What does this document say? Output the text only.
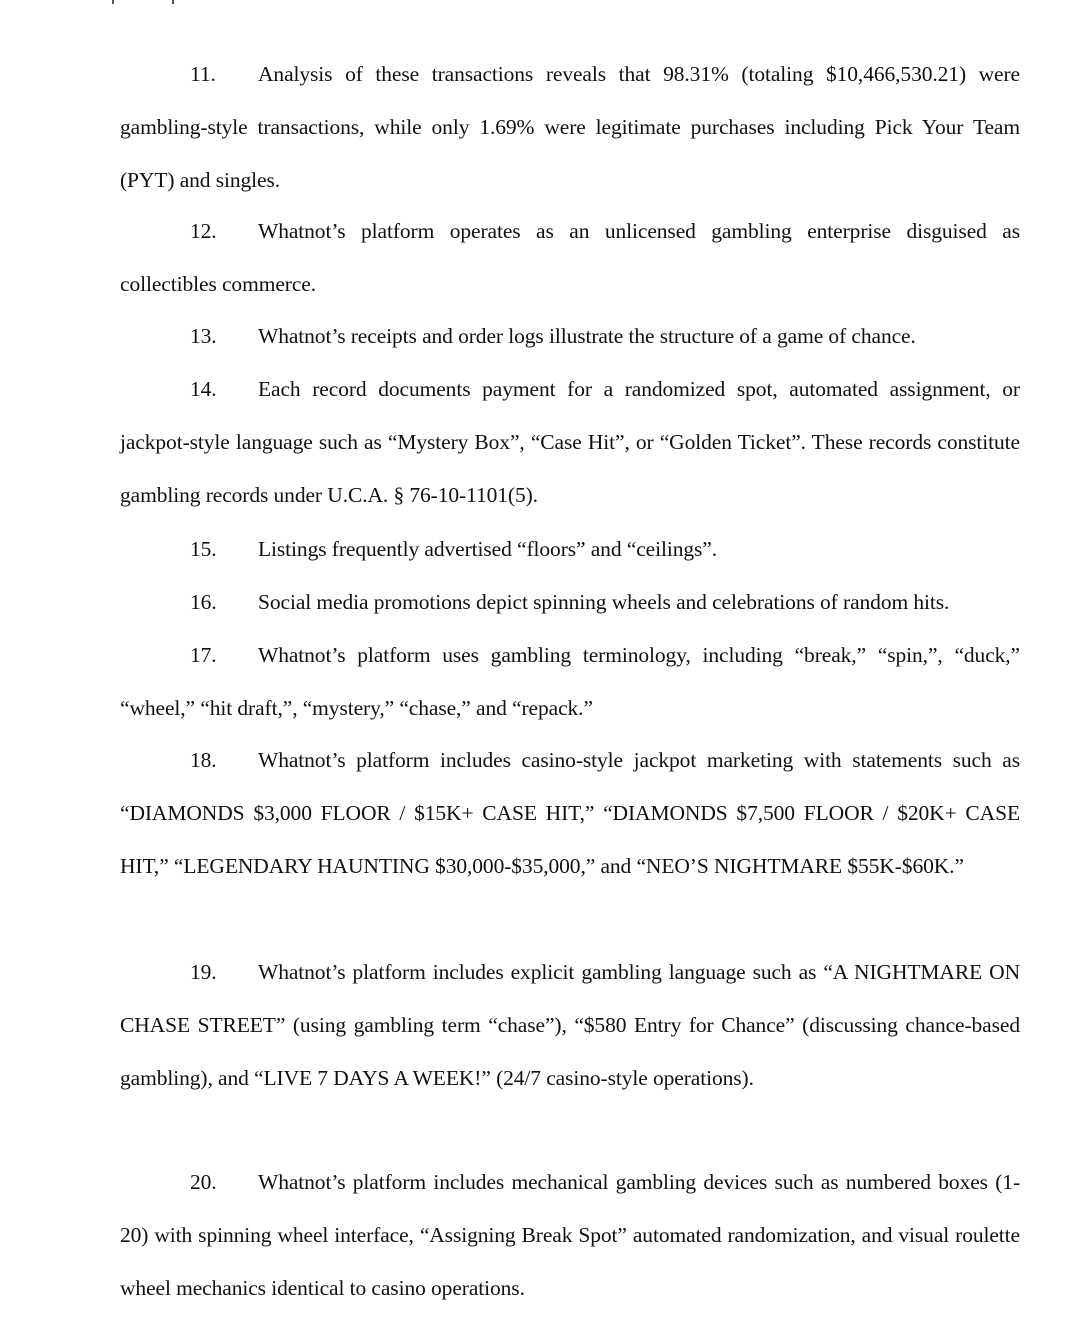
11. Analysis of these transactions reveals that 98.31% (totaling $10,466,530.21) were gambling-style transactions, while only 1.69% were legitimate purchases including Pick Your Team (PYT) and singles.

12. Whatnot’s platform operates as an unlicensed gambling enterprise disguised as collectibles commerce.

13. Whatnot’s receipts and order logs illustrate the structure of a game of chance.

14. Each record documents payment for a randomized spot, automated assignment, or jackpot-style language such as “Mystery Box”, “Case Hit”, or “Golden Ticket”. These records constitute gambling records under U.C.A. § 76-10-1101(5).

15. Listings frequently advertised “floors” and “ceilings”.

16. Social media promotions depict spinning wheels and celebrations of random hits.

17. Whatnot’s platform uses gambling terminology, including “break,” “spin,”, “duck,” “wheel,” “hit draft,”, “mystery,” “chase,” and “repack.”

18. Whatnot’s platform includes casino-style jackpot marketing with statements such as “DIAMONDS $3,000 FLOOR / $15K+ CASE HIT,” “DIAMONDS $7,500 FLOOR / $20K+ CASE HIT,” “LEGENDARY HAUNTING $30,000-$35,000,” and “NEO’S NIGHTMARE $55K-$60K.”

19. Whatnot’s platform includes explicit gambling language such as “A NIGHTMARE ON CHASE STREET” (using gambling term “chase”), “$580 Entry for Chance” (discussing chance-based gambling), and “LIVE 7 DAYS A WEEK!” (24/7 casino-style operations).

20. Whatnot’s platform includes mechanical gambling devices such as numbered boxes (1-20) with spinning wheel interface, “Assigning Break Spot” automated randomization, and visual roulette wheel mechanics identical to casino operations.
